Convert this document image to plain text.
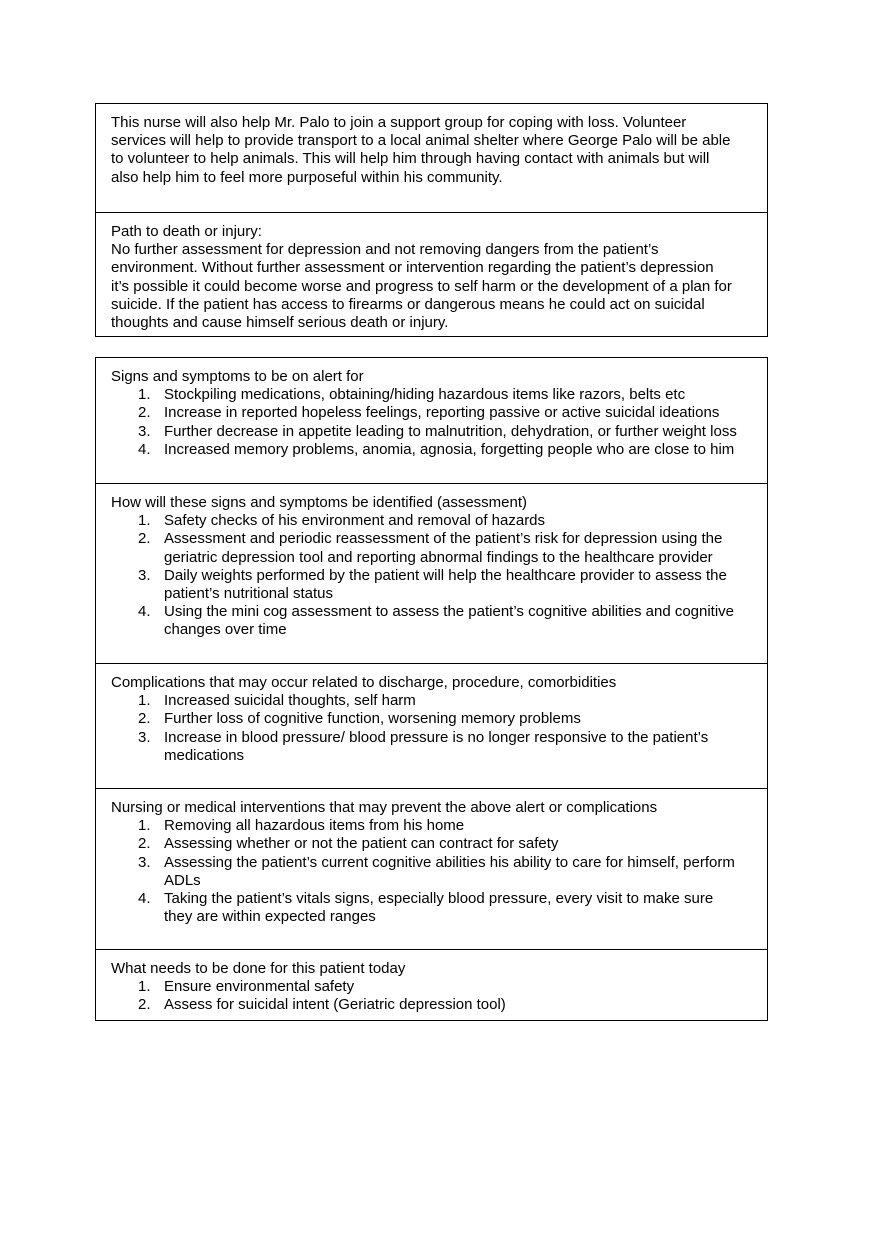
This nurse will also help Mr. Palo to join a support group for coping with loss. Volunteer
services will help to provide transport to a local animal shelter where George Palo will be able
to volunteer to help animals. This will help him through having contact with animals but will
also help him to feel more purposeful within his community.

Path to death or injury:

No further assessment for depression and not removing dangers from the patient’s
environment. Without further assessment or intervention regarding the patient’s depression
it’s possible it could become worse and progress to self harm or the development of a plan for
suicide. If the patient has access to firearms or dangerous means he could act on suicidal
thoughts and cause himself serious death or injury.

Signs and symptoms to be on alert for

1. Stockpiling medications, obtaining/hiding hazardous items like razors, belts etc
2. Increase in reported hopeless feelings, reporting passive or active suicidal ideations
3. Further decrease in appetite leading to malnutrition, dehydration, or further weight loss
4. Increased memory problems, anomia, agnosia, forgetting people who are close to him

How will these signs and symptoms be identified (assessment)

1. Safety checks of his environment and removal of hazards
2. Assessment and periodic reassessment of the patient’s risk for depression using the
geriatric depression tool and reporting abnormal findings to the healthcare provider
3. Daily weights performed by the patient will help the healthcare provider to assess the
patient’s nutritional status
4. Using the mini cog assessment to assess the patient’s cognitive abilities and cognitive
changes over time

Complications that may occur related to discharge, procedure, comorbidities

1. Increased suicidal thoughts, self harm
2. Further loss of cognitive function, worsening memory problems
3. Increase in blood pressure/ blood pressure is no longer responsive to the patient’s
medications

Nursing or medical interventions that may prevent the above alert or complications

1. Removing all hazardous items from his home
2. Assessing whether or not the patient can contract for safety
3. Assessing the patient’s current cognitive abilities his ability to care for himself, perform
ADLs
4. Taking the patient’s vitals signs, especially blood pressure, every visit to make sure
they are within expected ranges

What needs to be done for this patient today

1. Ensure environmental safety
2. Assess for suicidal intent (Geriatric depression tool)
